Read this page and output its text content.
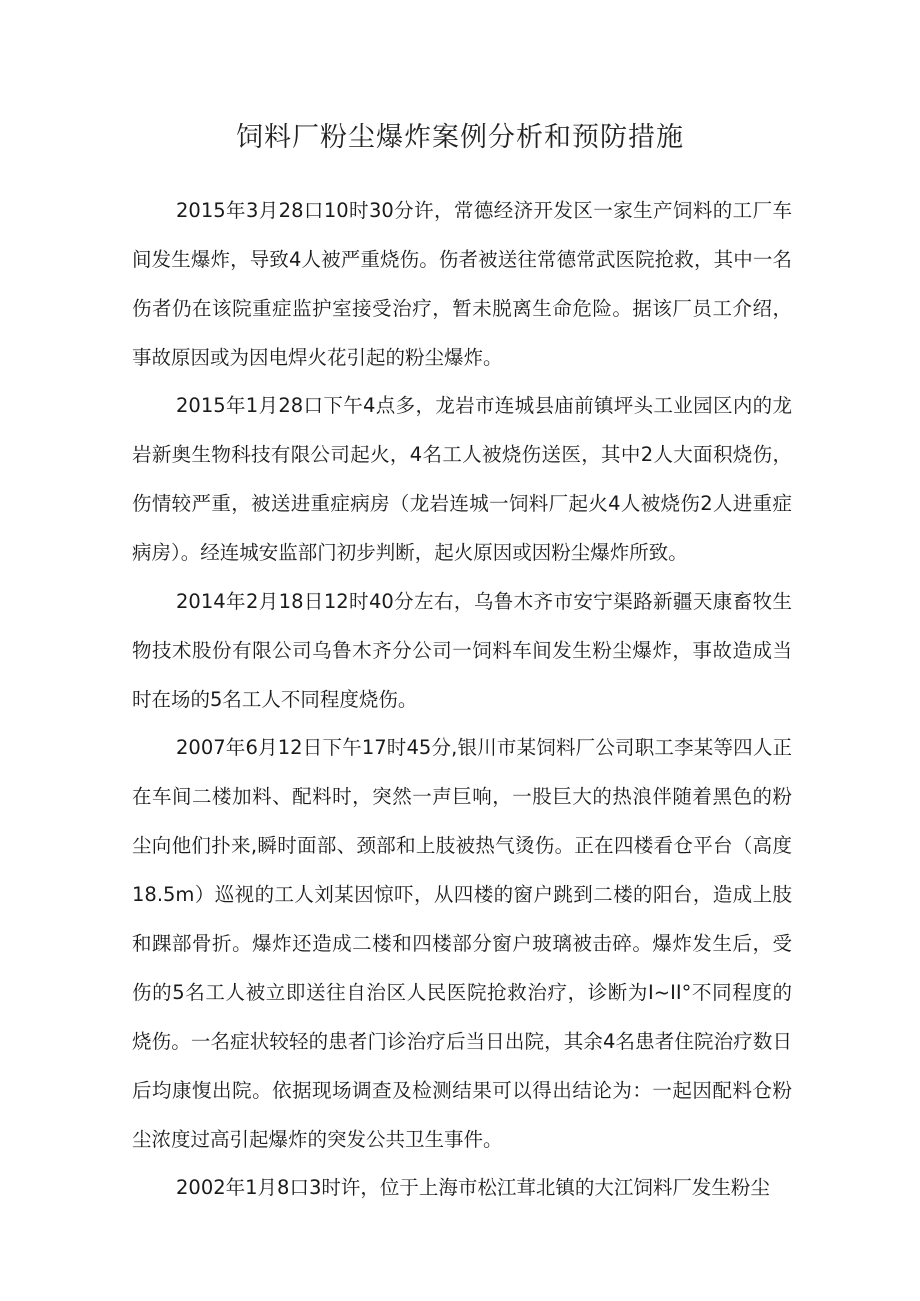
饲料厂粉尘爆炸案例分析和预防措施

2015年3月28口10时30分许，常德经济开发区一家生产饲料的工厂车间发生爆炸，导致4人被严重烧伤。伤者被送往常德常武医院抢救，其中一名伤者仍在该院重症监护室接受治疗，暂未脱离生命危险。据该厂员工介绍，事故原因或为因电焊火花引起的粉尘爆炸。

2015年1月28口下午4点多，龙岩市连城县庙前镇坪头工业园区内的龙岩新奥生物科技有限公司起火，4名工人被烧伤送医，其中2人大面积烧伤，伤情较严重，被送进重症病房（龙岩连城一饲料厂起火4人被烧伤2人进重症病房）。经连城安监部门初步判断，起火原因或因粉尘爆炸所致。

2014年2月18日12时40分左右，乌鲁木齐市安宁渠路新疆天康畜牧生物技术股份有限公司乌鲁木齐分公司一饲料车间发生粉尘爆炸，事故造成当时在场的5名工人不同程度烧伤。

2007年6月12日下午17时45分,银川市某饲料厂公司职工李某等四人正在车间二楼加料、配料时，突然一声巨响，一股巨大的热浪伴随着黑色的粉尘向他们扑来,瞬时面部、颈部和上肢被热气烫伤。正在四楼看仓平台（高度18.5m）巡视的工人刘某因惊吓，从四楼的窗户跳到二楼的阳台，造成上肢和踝部骨折。爆炸还造成二楼和四楼部分窗户玻璃被击碎。爆炸发生后，受伤的5名工人被立即送往自治区人民医院抢救治疗，诊断为I~II°不同程度的烧伤。一名症状较轻的患者门诊治疗后当日出院，其余4名患者住院治疗数日后均康愎出院。依据现场调查及检测结果可以得出结论为：一起因配料仓粉尘浓度过高引起爆炸的突发公共卫生事件。

2002年1月8口3时许，位于上海市松江茸北镇的大江饲料厂发生粉尘
